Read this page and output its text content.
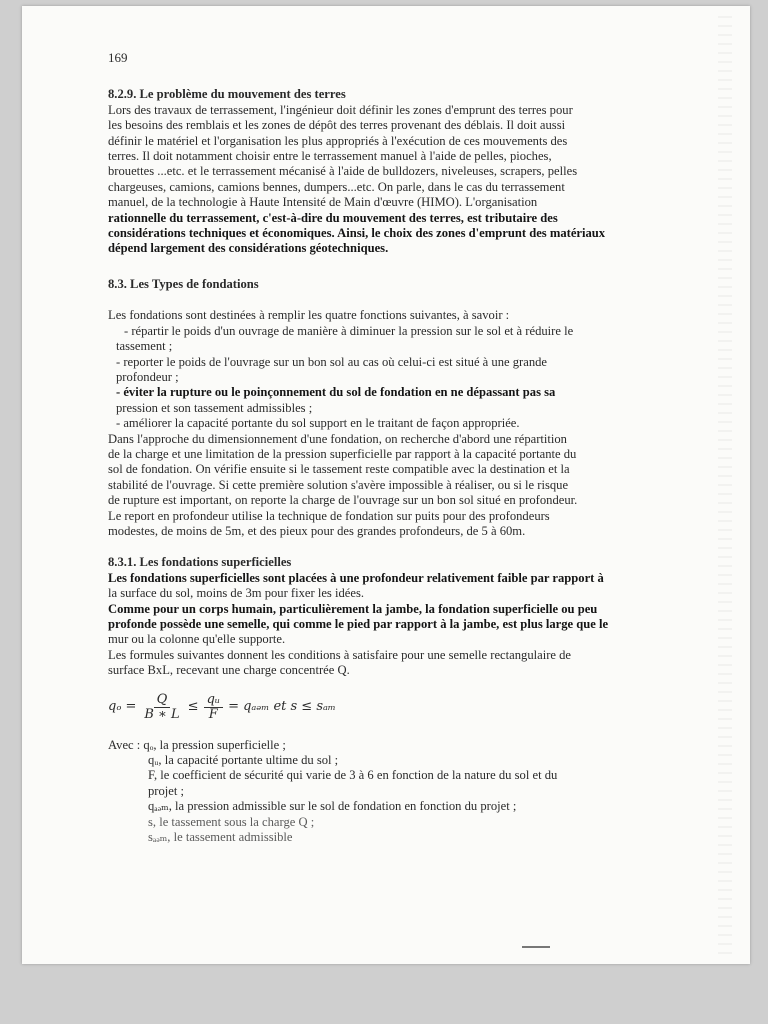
169
8.2.9. Le problème du mouvement des terres

Lors des travaux de terrassement, l'ingénieur doit définir les zones d'emprunt des terres pour

les besoins des remblais et les zones de dépôt des terres provenant des déblais. Il doit aussi

définir le matériel et l'organisation les plus appropriés à l'exécution de ces mouvements des

terres. Il doit notamment choisir entre le terrassement manuel à l'aide de pelles, pioches,

brouettes ...etc. et le terrassement mécanisé à l'aide de bulldozers, niveleuses, scrapers, pelles

chargeuses, camions, camions bennes, dumpers...etc. On parle, dans le cas du terrassement

manuel, de la technologie à Haute Intensité de Main d'œuvre (HIMO). L'organisation

rationnelle du terrassement, c'est-à-dire du mouvement des terres, est tributaire des

considérations techniques et économiques. Ainsi, le choix des zones d'emprunt des matériaux

dépend largement des considérations géotechniques.

8.3. Les Types de fondations

Les fondations sont destinées à remplir les quatre fonctions suivantes, à savoir :

- répartir le poids d'un ouvrage de manière à diminuer la pression sur le sol et à réduire le

tassement ;

- reporter le poids de l'ouvrage sur un bon sol au cas où celui-ci est situé à une grande

profondeur ;

- éviter la rupture ou le poinçonnement du sol de fondation en ne dépassant pas sa

pression et son tassement admissibles ;

- améliorer la capacité portante du sol support en le traitant de façon appropriée.

Dans l'approche du dimensionnement d'une fondation, on recherche d'abord une répartition

de la charge et une limitation de la pression superficielle par rapport à la capacité portante du

sol de fondation. On vérifie ensuite si le tassement reste compatible avec la destination et la

stabilité de l'ouvrage. Si cette première solution s'avère impossible à réaliser, ou si le risque

de rupture est important, on reporte la charge de l'ouvrage sur un bon sol situé en profondeur.

Le report en profondeur utilise la technique de fondation sur puits pour des profondeurs

modestes, de moins de 5m, et des pieux pour des grandes profondeurs, de 5 à 60m.

8.3.1. Les fondations superficielles

Les fondations superficielles sont placées à une profondeur relativement faible par rapport à

la surface du sol, moins de 3m pour fixer les idées.

Comme pour un corps humain, particulièrement la jambe, la fondation superficielle ou peu

profonde possède une semelle, qui comme le pied par rapport à la jambe, est plus large que le

mur ou la colonne qu'elle supporte.

Les formules suivantes donnent les conditions à satisfaire pour une semelle rectangulaire de

surface BxL, recevant une charge concentrée Q.

$q_o = \frac{Q}{B ∗ L} \le \frac{\text{qᵤ}}{F}$ = qₐₔₘ et s ≤ sₐₘ

Avec : qₒ, la pression superficielle ;

qᵤ, la capacité portante ultime du sol ;

F, le coefficient de sécurité qui varie de 3 à 6 en fonction de la nature du sol et du

projet ;

qₐₔₘ, la pression admissible sur le sol de fondation en fonction du projet ;

s, le tassement sous la charge Q ;

sₐₔₘ, le tassement admissible
